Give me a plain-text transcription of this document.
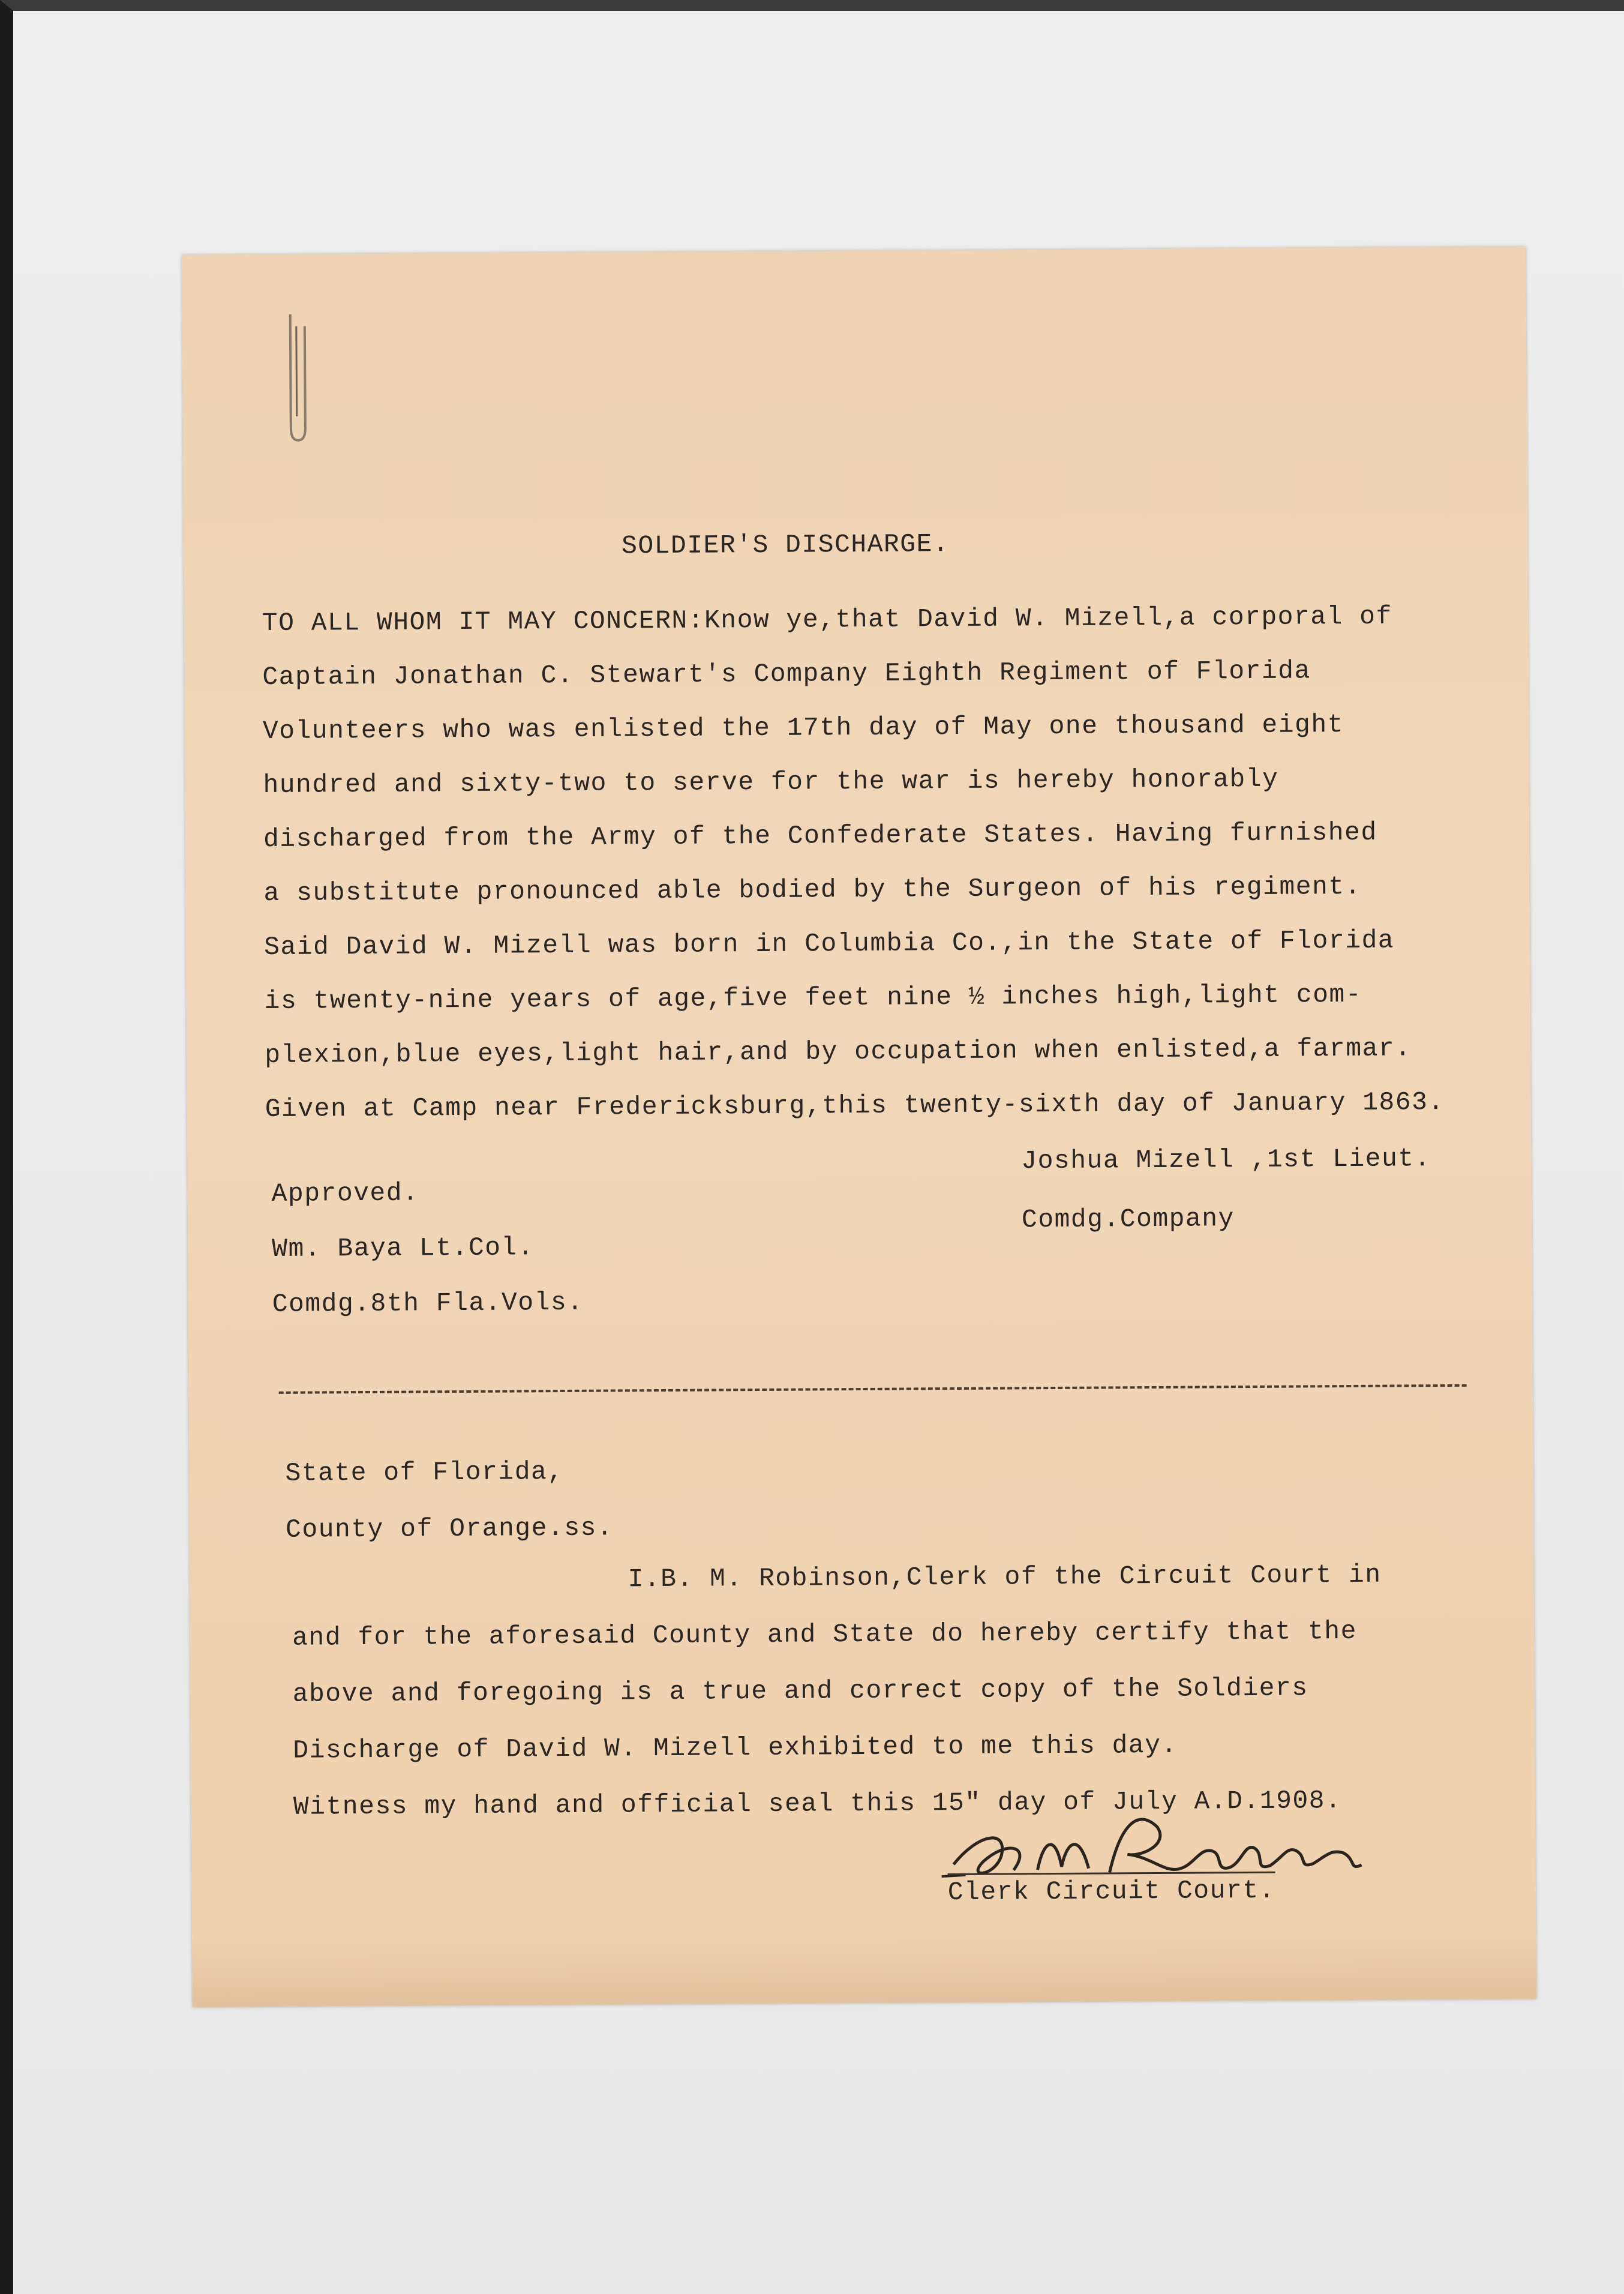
SOLDIER'S DISCHARGE.
TO ALL WHOM IT MAY CONCERN:Know ye,that David W. Mizell,a corporal of
Captain Jonathan C. Stewart's Company Eighth Regiment of Florida
Volunteers who was enlisted the 17th day of May one thousand eight
hundred and sixty-two to serve for the war is hereby honorably
discharged from the Army of the Confederate States. Having furnished
a substitute pronounced able bodied by the Surgeon of his regiment.
Said David W. Mizell was born in Columbia Co.,in the State of Florida
is twenty-nine years of age,five feet nine ½ inches high,light com-
plexion,blue eyes,light hair,and by occupation when enlisted,a farmar.
Given at Camp near Fredericksburg,this twenty-sixth day of January 1863.
Joshua Mizell ,1st Lieut.
Comdg.Company
Approved.
Wm. Baya Lt.Col.
Comdg.8th Fla.Vols.
State of Florida,
County of Orange.ss.
I.B. M. Robinson,Clerk of the Circuit Court in
and for the aforesaid County and State do hereby certify that the
above and foregoing is a true and correct copy of the Soldiers
Discharge of David W. Mizell exhibited to me this day.
Witness my hand and official seal this 15" day of July A.D.1908.
Clerk Circuit Court.
